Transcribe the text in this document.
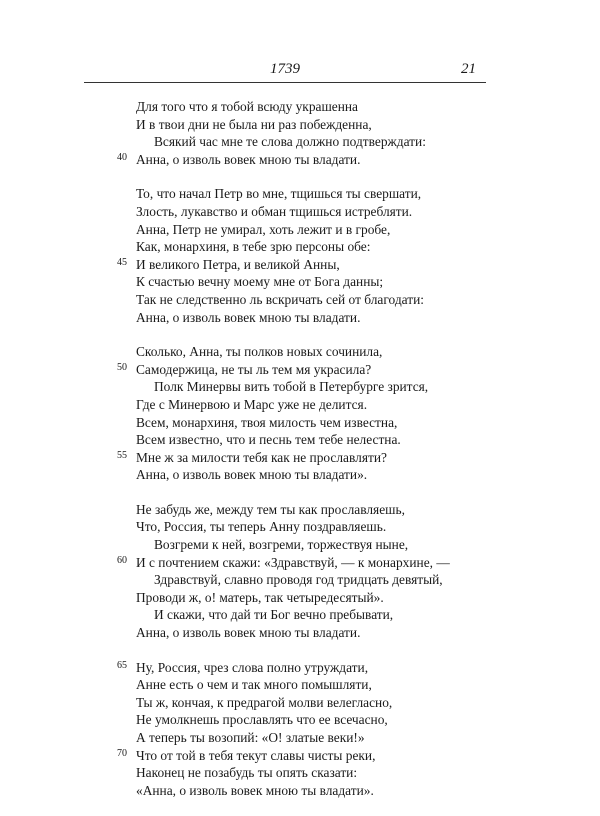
1739	21
Для того что я тобой всюду украшенна
И в твои дни не была ни раз побежденна,
Всякий час мне те слова должно подтверждати:
40 Анна, о изволь вовек мною ты владати.
То, что начал Петр во мне, тщишься ты свершати,
Злость, лукавство и обман тщишься истребляти.
Анна, Петр не умирал, хоть лежит и в гробе,
Как, монархиня, в тебе зрю персоны обе:
45 И великого Петра, и великой Анны,
К счастью вечну моему мне от Бога данны;
Так не следственно ль вскричать сей от благодати:
Анна, о изволь вовек мною ты владати.
Сколько, Анна, ты полков новых сочинила,
50 Самодержица, не ты ль тем мя украсила?
Полк Минервы вить тобой в Петербурге зрится,
Где с Минервою и Марс уже не делится.
Всем, монархиня, твоя милость чем известна,
Всем известно, что и песнь тем тебе нелестна.
55 Мне ж за милости тебя как не прославляти?
Анна, о изволь вовек мною ты владати».
Не забудь же, между тем ты как прославляешь,
Что, Россия, ты теперь Анну поздравляешь.
Возгреми к ней, возгреми, торжествуя ныне,
60 И с почтением скажи: «Здравствуй, — к монархине, —
Здравствуй, славно проводя год тридцать девятый,
Проводи ж, о! матерь, так четыредесятый».
И скажи, что дай ти Бог вечно пребывати,
Анна, о изволь вовек мною ты владати.
65 Ну, Россия, чрез слова полно утруждати,
Анне есть о чем и так много помышляти,
Ты ж, кончая, к предрагой молви велегласно,
Не умолкнешь прославлять что ее всечасно,
А теперь ты возопий: «О! златые веки!»
70 Что от той в тебя текут славы чисты реки,
Наконец не позабудь ты опять сказати:
«Анна, о изволь вовек мною ты владати».
